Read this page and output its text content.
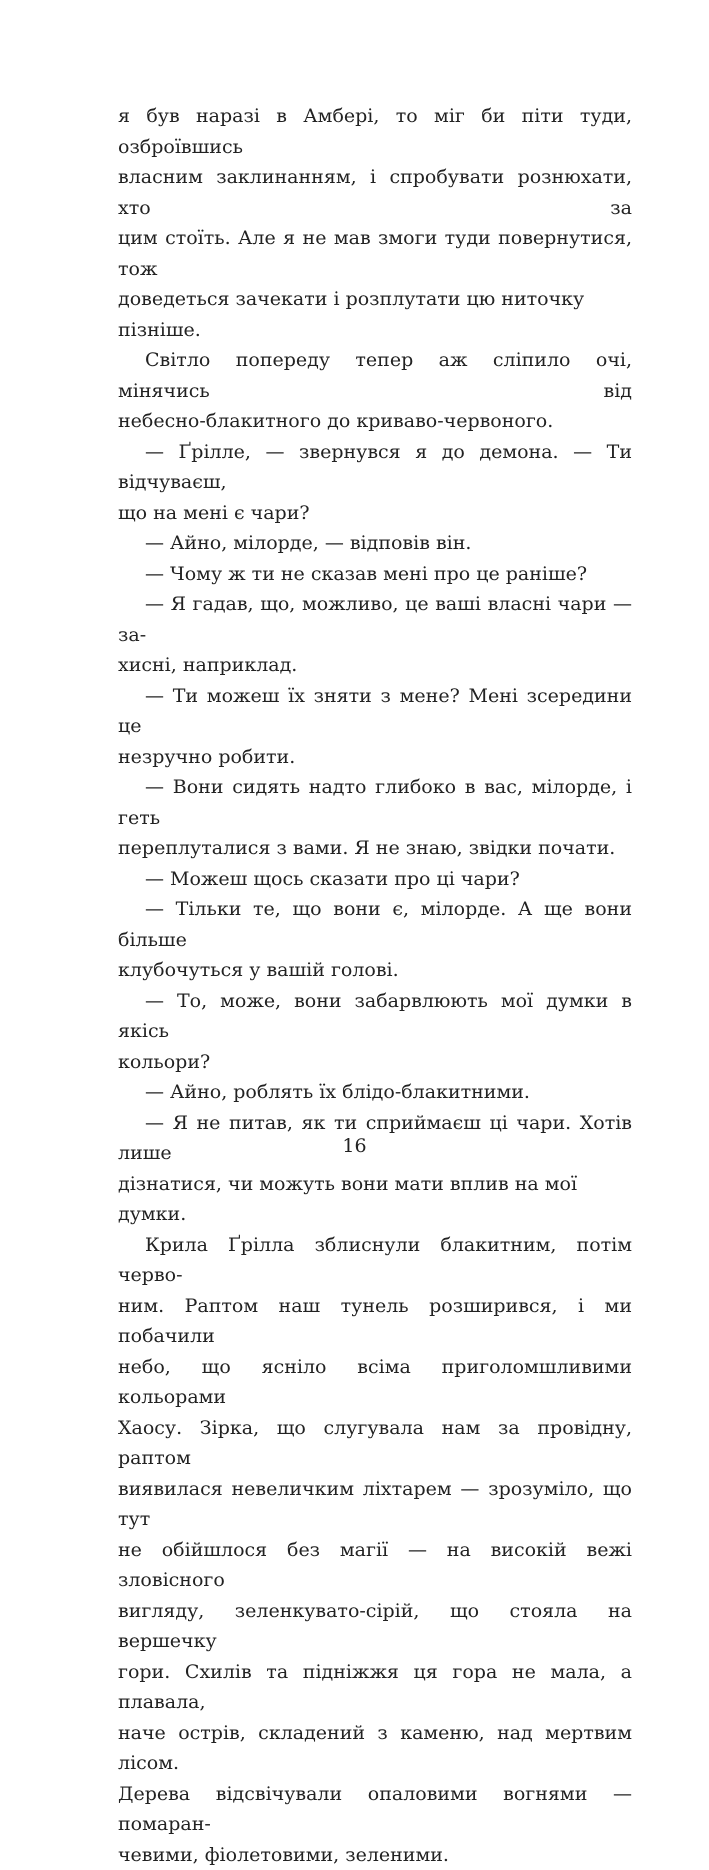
я був наразі в Амбері, то міг би піти туди, озброївшись
власним заклинанням, і спробувати рознюхати, хто за
цим стоїть. Але я не мав змоги туди повернутися, тож
доведеться зачекати і розплутати цю ниточку пізніше.

Світло попереду тепер аж сліпило очі, мінячись від
небесно-блакитного до криваво-червоного.

— Ґрілле, — звернувся я до демона. — Ти відчуваєш,
що на мені є чари?

— Айно, мілорде, — відповів він.

— Чому ж ти не сказав мені про це раніше?

— Я гадав, що, можливо, це ваші власні чари — за-
хисні, наприклад.

— Ти можеш їх зняти з мене? Мені зсередини це
незручно робити.

— Вони сидять надто глибоко в вас, мілорде, і геть
переплуталися з вами. Я не знаю, звідки почати.

— Можеш щось сказати про ці чари?

— Тільки те, що вони є, мілорде. А ще вони більше
клубочуться у вашій голові.

— То, може, вони забарвлюють мої думки в якісь
кольори?

— Айно, роблять їх блідо-блакитними.

— Я не питав, як ти сприймаєш ці чари. Хотів лише
дізнатися, чи можуть вони мати вплив на мої думки.

Крила Ґрілла зблиснули блакитним, потім черво-
ним. Раптом наш тунель розширився, і ми побачили
небо, що ясніло всіма приголомшливими кольорами
Хаосу. Зірка, що слугувала нам за провідну, раптом
виявилася невеличким ліхтарем — зрозуміло, що тут
не обійшлося без магії — на високій вежі зловісного
вигляду, зеленкувато-сірій, що стояла на вершечку
гори. Схилів та підніжжя ця гора не мала, а плавала,
наче острів, складений з каменю, над мертвим лісом.
Дерева відсвічували опаловими вогнями — помаран-
чевими, фіолетовими, зеленими.

16
